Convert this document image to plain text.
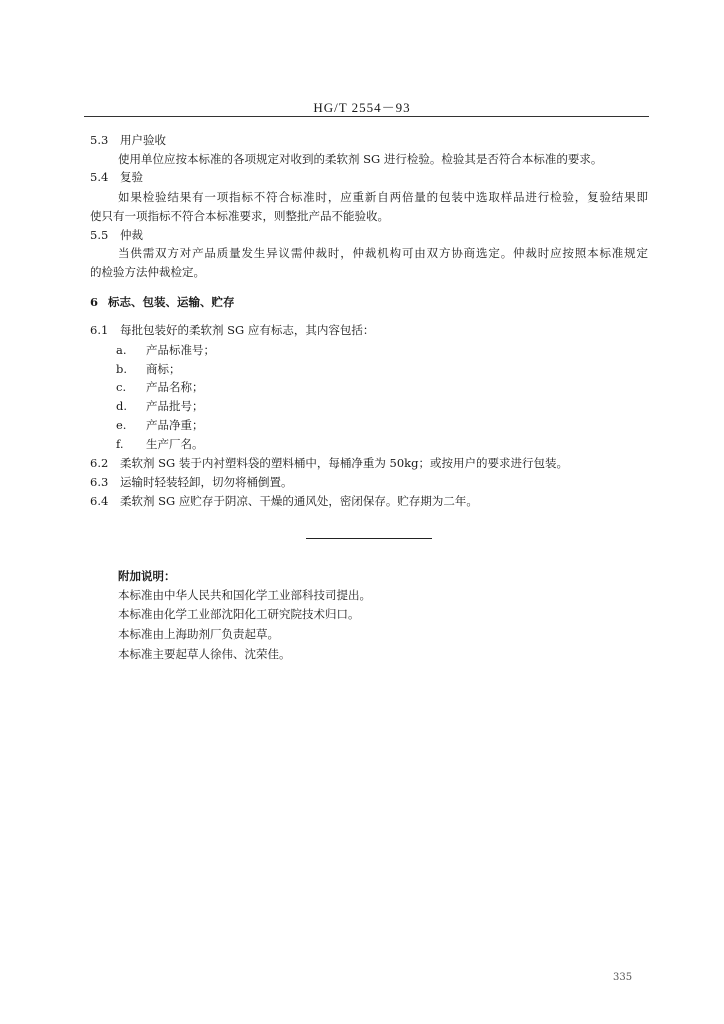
HG/T 2554－93
5.3 用户验收
使用单位应按本标准的各项规定对收到的柔软剂 SG 进行检验。检验其是否符合本标准的要求。
5.4 复验
如果检验结果有一项指标不符合标准时，应重新自两倍量的包装中选取样品进行检验，复验结果即
使只有一项指标不符合本标准要求，则整批产品不能验收。
5.5 仲裁
当供需双方对产品质量发生异议需仲裁时，仲裁机构可由双方协商选定。仲裁时应按照本标准规定
的检验方法仲裁检定。
6 标志、包装、运输、贮存
6.1 每批包装好的柔软剂 SG 应有标志，其内容包括：
a. 产品标准号；
b. 商标；
c. 产品名称；
d. 产品批号；
e. 产品净重；
f. 生产厂名。
6.2 柔软剂 SG 装于内衬塑料袋的塑料桶中，每桶净重为 50kg；或按用户的要求进行包装。
6.3 运输时轻装轻卸，切勿将桶倒置。
6.4 柔软剂 SG 应贮存于阴凉、干燥的通风处，密闭保存。贮存期为二年。
附加说明：
本标准由中华人民共和国化学工业部科技司提出。
本标准由化学工业部沈阳化工研究院技术归口。
本标准由上海助剂厂负责起草。
本标准主要起草人徐伟、沈荣佳。
335
